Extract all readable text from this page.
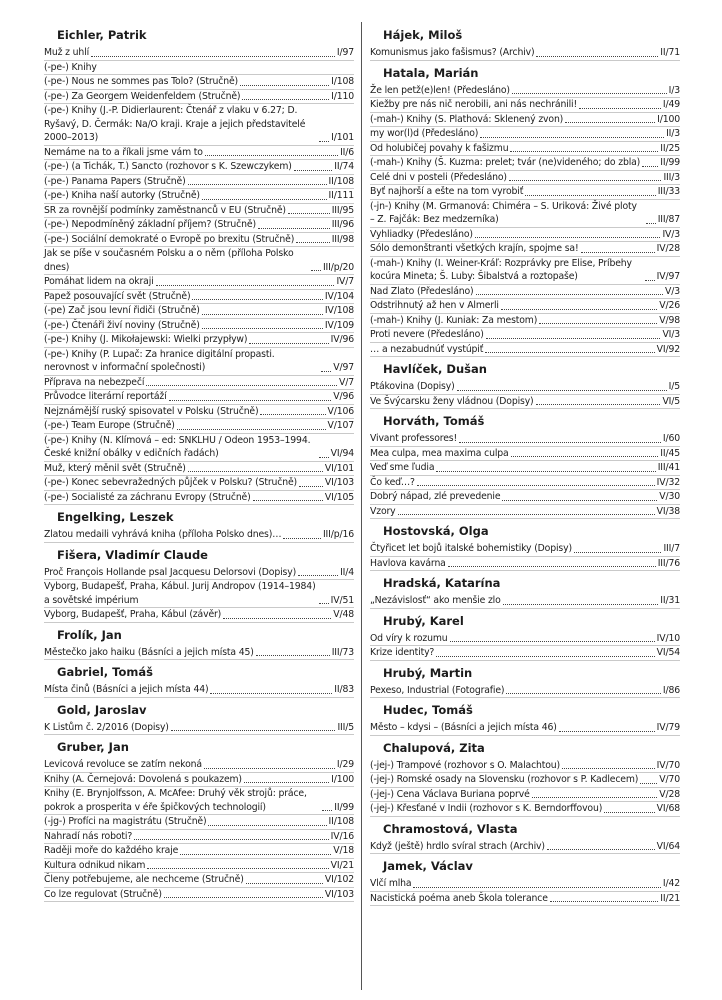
Eichler, Patrik
Muž z uhlí	I/97
(-pe-) Knihy
(-pe-) Nous ne sommes pas Tolo? (Stručně)	I/108
(-pe-) Za Georgem Weidenfeldem (Stručně)	I/110
(-pe-) Knihy (J.-P. Didierlaurent: Čtenář z vlaku v 6.27; D. Ryšavý, D. Čermák: Na/O kraji. Kraje a jejich představitelé 2000–2013)	I/101
Nemáme na to a říkali jsme vám to	II/6
(-pe-) (a Tichák, T.) Sancto (rozhovor s K. Szewczykem)	II/74
(-pe-) Panama Papers (Stručně)	II/108
(-pe-) Kniha naší autorky (Stručně)	II/111
SR za rovnější podmínky zaměstnanců v EU (Stručně)	III/95
(-pe-) Nepodmíněný základní příjem? (Stručně)	III/96
(-pe-) Sociální demokraté o Evropě po brexitu (Stručně)	III/98
Jak se píše v současném Polsku a o něm (příloha Polsko dnes)	III/p/20
Pomáhat lidem na okraji	IV/7
Papež posouvající svět (Stručně)	IV/104
(-pe) Zač jsou levní řidiči (Stručně)	IV/108
(-pe-) Čtenáři živí noviny (Stručně)	IV/109
(-pe-) Knihy (J. Mikołajewski: Wielki przypływ)	IV/96
(-pe-) Knihy (P. Lupač: Za hranice digitální propasti. nerovnost v informační společnosti)	V/97
Příprava na nebezpečí	V/7
Průvodce literární reportáží	V/96
Nejznámější ruský spisovatel v Polsku (Stručně)	V/106
(-pe-) Team Europe (Stručně)	V/107
(-pe-) Knihy (N. Klímová – ed: SNKLHU / Odeon 1953–1994. České knižní obálky v edičních řadách)	VI/94
Muž, který měnil svět (Stručně)	VI/101
(-pe-) Konec sebevražedných půjček v Polsku? (Stručně)	VI/103
(-pe-) Socialisté za záchranu Evropy (Stručně)	VI/105
Engelking, Leszek
Zlatou medaili vyhrává kniha (příloha Polsko dnes)…	III/p/16
Fišera, Vladimír Claude
Proč François Hollande psal Jacquesu Delorsovi (Dopisy)	II/4
Vyborg, Budapešť, Praha, Kábul. Jurij Andropov (1914–1984) a sovětské impérium	IV/51
Vyborg, Budapešť, Praha, Kábul (závěr)	V/48
Frolík, Jan
Městečko jako haiku (Básníci a jejich místa 45)	III/73
Gabriel, Tomáš
Místa činů (Básníci a jejich místa 44)	II/83
Gold, Jaroslav
K Listům č. 2/2016 (Dopisy)	III/5
Gruber, Jan
Levicová revoluce se zatím nekoná	I/29
Knihy (A. Černejová: Dovolená s poukazem)	I/100
Knihy (E. Brynjolfsson, A. McAfee: Druhý věk strojů: práce, pokrok a prosperita v éře špičkových technologií)	II/99
(-jg-) Profíci na magistrátu (Stručně)	II/108
Nahradí nás roboti?	IV/16
Raději moře do každého kraje	V/18
Kultura odnikud nikam	VI/21
Členy potřebujeme, ale nechceme (Stručně)	VI/102
Co lze regulovat (Stručně)	VI/103
Hájek, Miloš
Komunismus jako fašismus? (Archiv)	II/71
Hatala, Marián
Že len petž(e)len! (Předesláno)	I/3
Kiežby pre nás nič nerobili, ani nás nechránili!	I/49
(-mah-) Knihy (S. Plathová: Sklenený zvon)	I/100
my wor(l)d (Předesláno)	II/3
Od holubičej povahy k fašizmu	II/25
(-mah-) Knihy (Š. Kuzma: prelet; tvár (ne)videného; do zbla) II/99
Celé dni v posteli (Předesláno)	III/3
Byť najhorší a ešte na tom vyrobiť	III/33
(-jn-) Knihy (M. Grmanová: Chiméra – S. Uriková: Živé ploty – Z. Fajčák: Bez medzerníka)	III/87
Vyhliadky (Předesláno)	IV/3
Sólo demonštranti všetkých krajín, spojme sa!	IV/28
(-mah-) Knihy (I. Weiner-Kráľ: Rozprávky pre Elise, Príbehy kocúra Mineta; Š. Luby: Šibalstvá a roztopaše)	IV/97
Nad Zlato (Předesláno)	V/3
Odstrihnutý až hen v Almerli	V/26
(-mah-) Knihy (J. Kuniak: Za mestom)	V/98
Proti nevere (Předesláno)	VI/3
… a nezabudnúť vystúpiť	VI/92
Havlíček, Dušan
Ptákovina (Dopisy)	I/5
Ve Švýcarsku ženy vládnou (Dopisy)	VI/5
Horváth, Tomáš
Vivant professores!	I/60
Mea culpa, mea maxima culpa	II/45
Veď sme ľudia	III/41
Čo keď…?	IV/32
Dobrý nápad, zlé prevedenie	V/30
Vzory	VI/38
Hostovská, Olga
Čtyřicet let bojů italské bohemistiky (Dopisy)	III/7
Havlova kavárna	III/76
Hradská, Katarína
„Nezávislosť“ ako menšie zlo	II/31
Hrubý, Karel
Od víry k rozumu	IV/10
Krize identity?	VI/54
Hrubý, Martin
Pexeso, Industrial (Fotografie)	I/86
Hudec, Tomáš
Město – kdysi – (Básníci a jejich místa 46)	IV/79
Chalupová, Zita
(-jej-) Trampové (rozhovor s O. Malachtou)	IV/70
(-jej-) Romské osady na Slovensku (rozhovor s P. Kadlecem) V/70
(-jej-) Cena Václava Buriana poprvé	V/28
(-jej-) Křesťané v Indii (rozhovor s K. Berndorffovou)	VI/68
Chramostová, Vlasta
Když (ještě) hrdlo svíral strach (Archiv)	VI/64
Jamek, Václav
Vlčí mlha	I/42
Nacistická poéma aneb Škola tolerance	II/21
